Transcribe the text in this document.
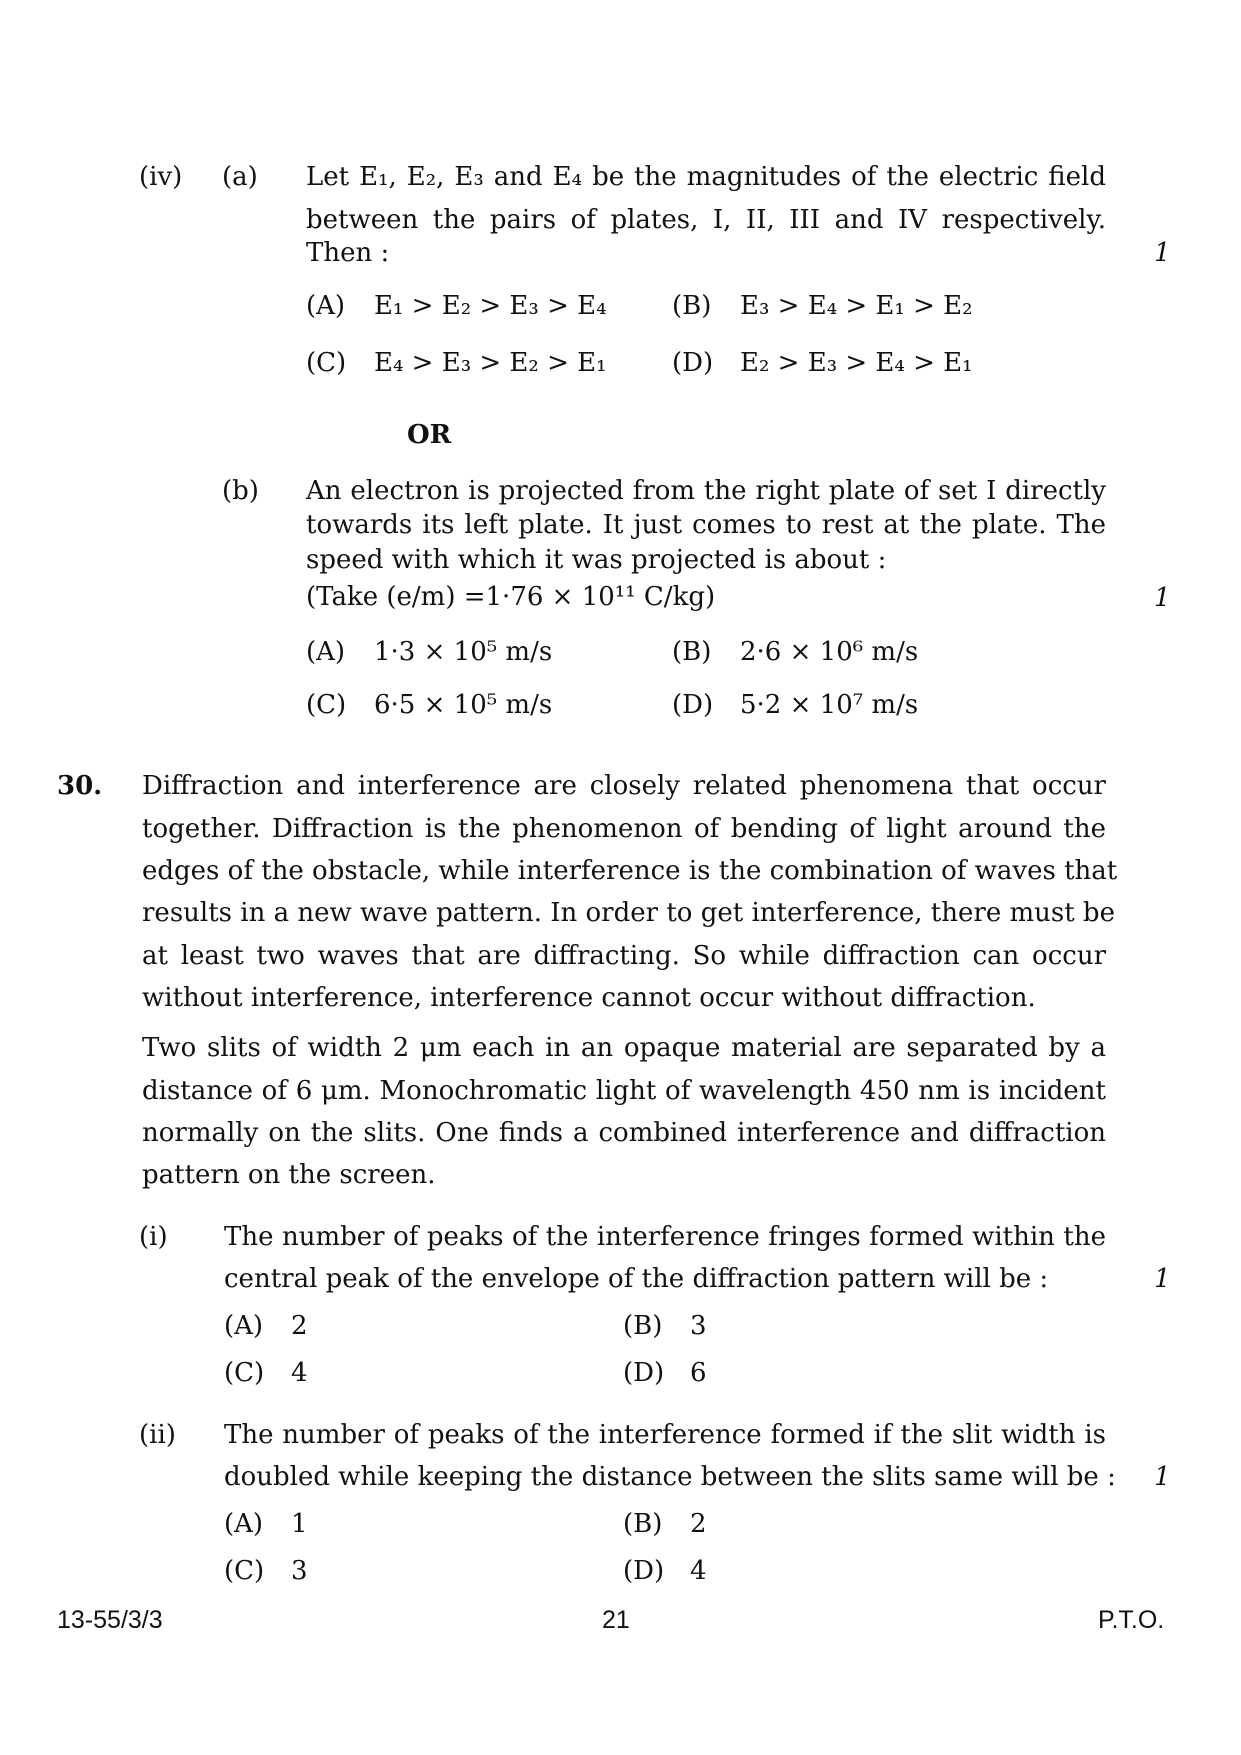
(iv) (a) Let E₁, E₂, E₃ and E₄ be the magnitudes of the electric field
between the pairs of plates, I, II, III and IV respectively.
Then :	1
(A) E₁ > E₂ > E₃ > E₄	(B) E₃ > E₄ > E₁ > E₂
(C) E₄ > E₃ > E₂ > E₁	(D) E₂ > E₃ > E₄ > E₁
OR
(b) An electron is projected from the right plate of set I directly
towards its left plate. It just comes to rest at the plate. The
speed with which it was projected is about :
(Take (e/m) =1·76 × 10¹¹ C/kg)	1
(A) 1·3 × 10⁵ m/s	(B) 2·6 × 10⁶ m/s
(C) 6·5 × 10⁵ m/s	(D) 5·2 × 10⁷ m/s
30. Diffraction and interference are closely related phenomena that occur
together. Diffraction is the phenomenon of bending of light around the
edges of the obstacle, while interference is the combination of waves that
results in a new wave pattern. In order to get interference, there must be
at least two waves that are diffracting. So while diffraction can occur
without interference, interference cannot occur without diffraction.
Two slits of width 2 μm each in an opaque material are separated by a
distance of 6 μm. Monochromatic light of wavelength 450 nm is incident
normally on the slits. One finds a combined interference and diffraction
pattern on the screen.
(i) The number of peaks of the interference fringes formed within the
central peak of the envelope of the diffraction pattern will be :	1
(A) 2	(B) 3
(C) 4	(D) 6
(ii) The number of peaks of the interference formed if the slit width is
doubled while keeping the distance between the slits same will be : 1
(A) 1	(B) 2
(C) 3	(D) 4
13-55/3/3	21	P.T.O.
